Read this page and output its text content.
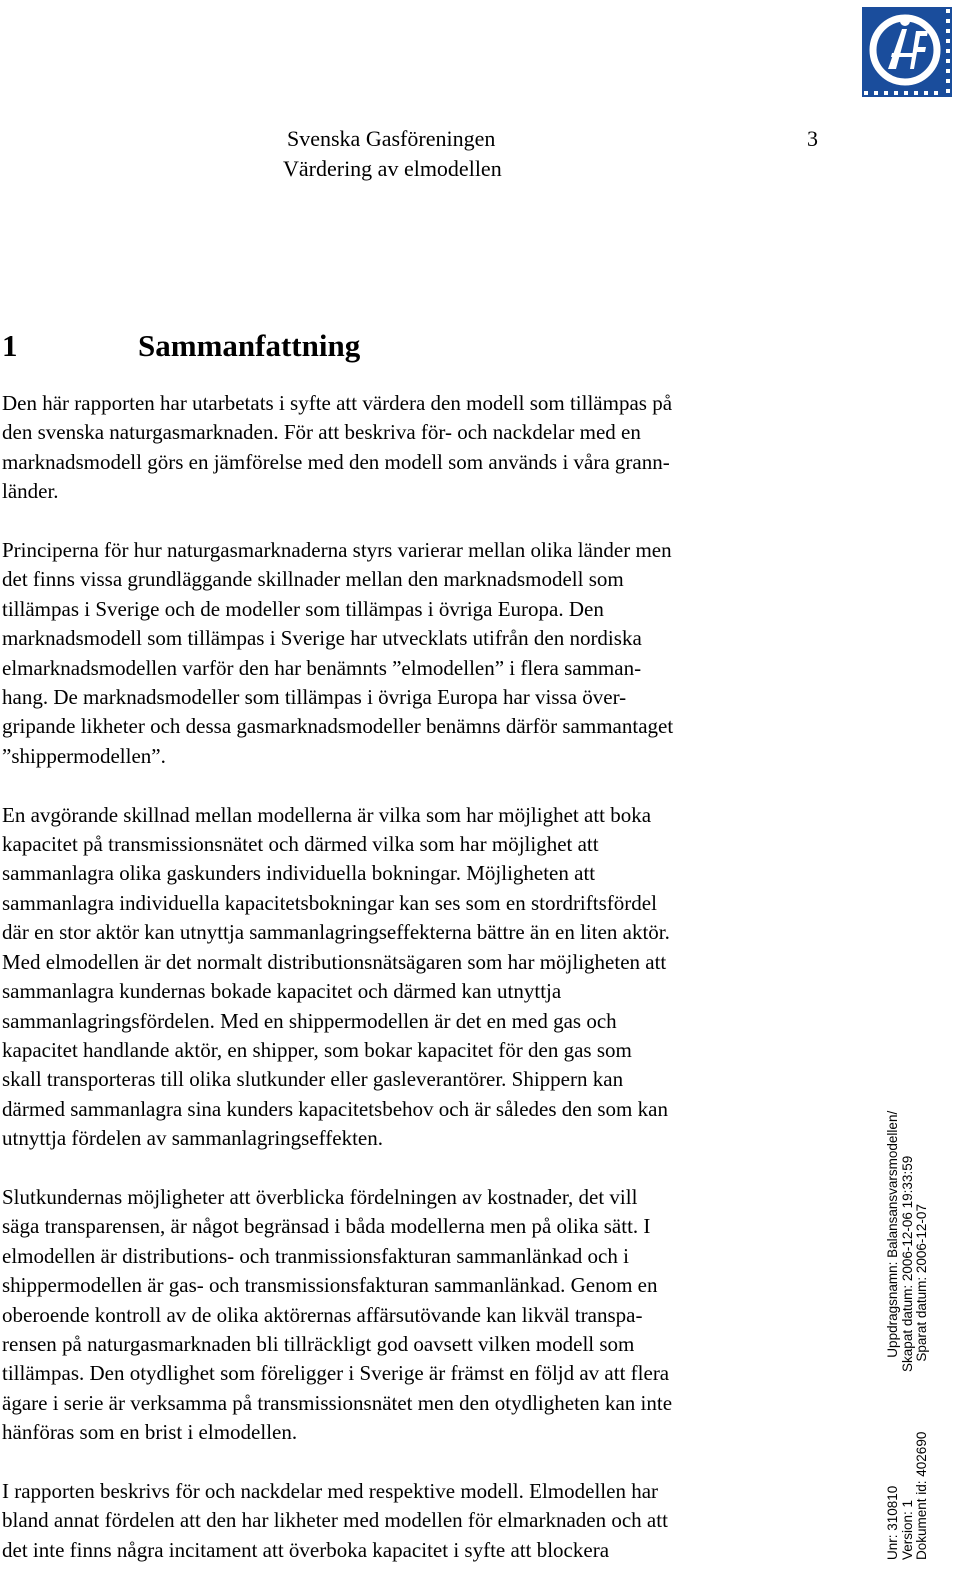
Svenska Gasföreningen
Värdering av elmodellen
3
1	Sammanfattning

Den här rapporten har utarbetats i syfte att värdera den modell som tillämpas på
den svenska naturgasmarknaden. För att beskriva för- och nackdelar med en
marknadsmodell görs en jämförelse med den modell som används i våra grann-
länder.

Principerna för hur naturgasmarknaderna styrs varierar mellan olika länder men
det finns vissa grundläggande skillnader mellan den marknadsmodell som
tillämpas i Sverige och de modeller som tillämpas i övriga Europa. Den
marknadsmodell som tillämpas i Sverige har utvecklats utifrån den nordiska
elmarknadsmodellen varför den har benämnts ”elmodellen” i flera samman-
hang. De marknadsmodeller som tillämpas i övriga Europa har vissa över-
gripande likheter och dessa gasmarknadsmodeller benämns därför sammantaget
”shippermodellen”.

En avgörande skillnad mellan modellerna är vilka som har möjlighet att boka
kapacitet på transmissionsnätet och därmed vilka som har möjlighet att
sammanlagra olika gaskunders individuella bokningar. Möjligheten att
sammanlagra individuella kapacitetsbokningar kan ses som en stordriftsfördel
där en stor aktör kan utnyttja sammanlagringseffekterna bättre än en liten aktör.
Med elmodellen är det normalt distributionsnätsägaren som har möjligheten att
sammanlagra kundernas bokade kapacitet och därmed kan utnyttja
sammanlagringsfördelen. Med en shippermodellen är det en med gas och
kapacitet handlande aktör, en shipper, som bokar kapacitet för den gas som
skall transporteras till olika slutkunder eller gasleverantörer. Shippern kan
därmed sammanlagra sina kunders kapacitetsbehov och är således den som kan
utnyttja fördelen av sammanlagringseffekten.

Slutkundernas möjligheter att överblicka fördelningen av kostnader, det vill
säga transparensen, är något begränsad i båda modellerna men på olika sätt. I
elmodellen är distributions- och tranmissionsfakturan sammanlänkad och i
shippermodellen är gas- och transmissionsfakturan sammanlänkad. Genom en
oberoende kontroll av de olika aktörernas affärsutövande kan likväl transpa-
rensen på naturgasmarknaden bli tillräckligt god oavsett vilken modell som
tillämpas. Den otydlighet som föreligger i Sverige är främst en följd av att flera
ägare i serie är verksamma på transmissionsnätet men den otydligheten kan inte
hänföras som en brist i elmodellen.

I rapporten beskrivs för och nackdelar med respektive modell. Elmodellen har
bland annat fördelen att den har likheter med modellen för elmarknaden och att
det inte finns några incitament att överboka kapacitet i syfte att blockera	Unr: 310810Uppdragsnamn: Balansansvarsmodellen/
Version: 1Skapat datum: 2006-12-06 19:33:59
Dokument id: 402690Sparat datum: 2006-12-07
